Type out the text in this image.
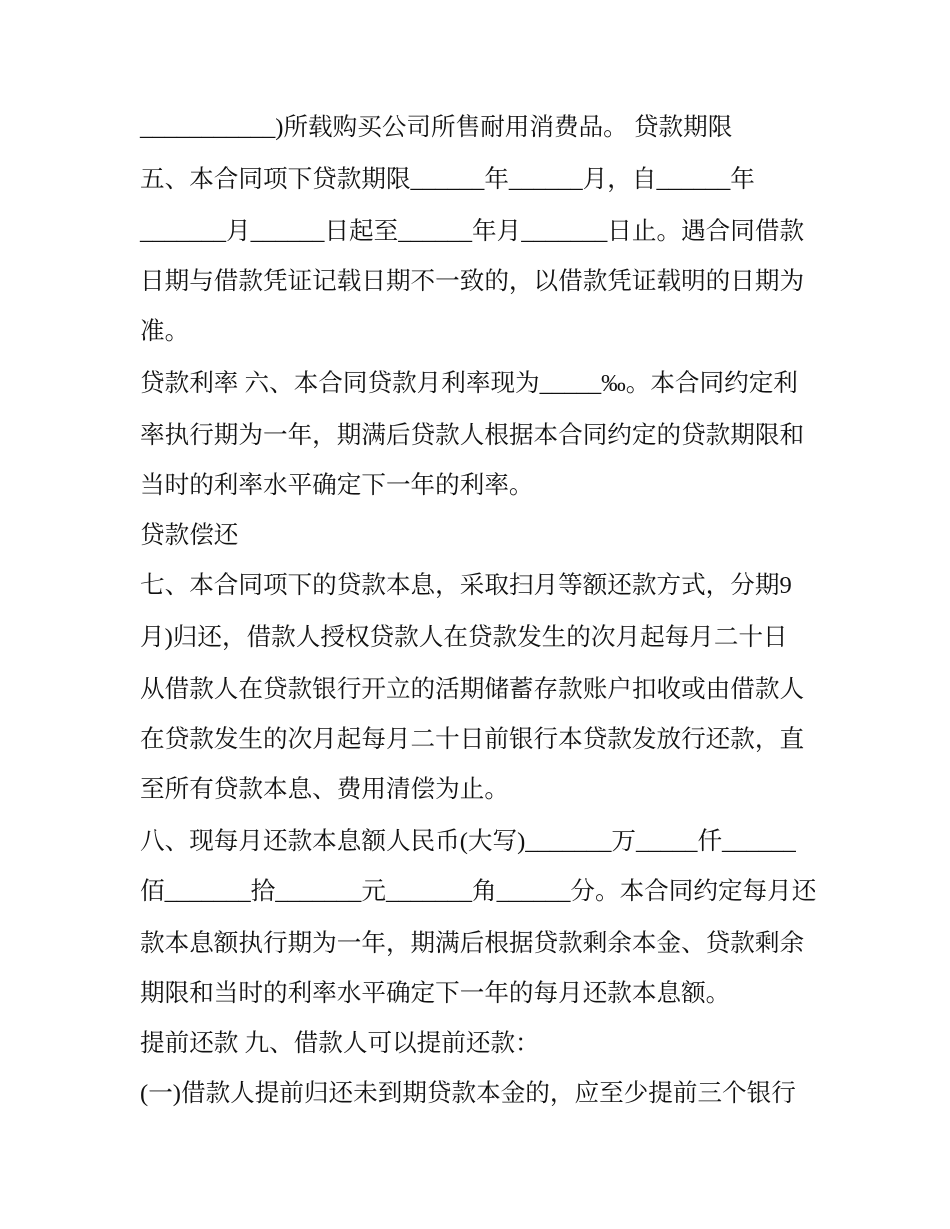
___________)所载购买公司所售耐用消费品。 贷款期限
五、本合同项下贷款期限______年______月，自______年
_______月______日起至______年月_______日止。遇合同借款
日期与借款凭证记载日期不一致的，以借款凭证载明的日期为
准。
贷款利率 六、本合同贷款月利率现为_____‰。本合同约定利
率执行期为一年，期满后贷款人根据本合同约定的贷款期限和
当时的利率水平确定下一年的利率。
贷款偿还
七、本合同项下的贷款本息，采取扫月等额还款方式，分期9
月)归还，借款人授权贷款人在贷款发生的次月起每月二十日
从借款人在贷款银行开立的活期储蓄存款账户扣收或由借款人
在贷款发生的次月起每月二十日前银行本贷款发放行还款，直
至所有贷款本息、费用清偿为止。
八、现每月还款本息额人民币(大写)_______万_____仟______
佰_______拾_______元_______角______分。本合同约定每月还
款本息额执行期为一年，期满后根据贷款剩余本金、贷款剩余
期限和当时的利率水平确定下一年的每月还款本息额。
提前还款 九、借款人可以提前还款：
(一)借款人提前归还未到期贷款本金的，应至少提前三个银行
